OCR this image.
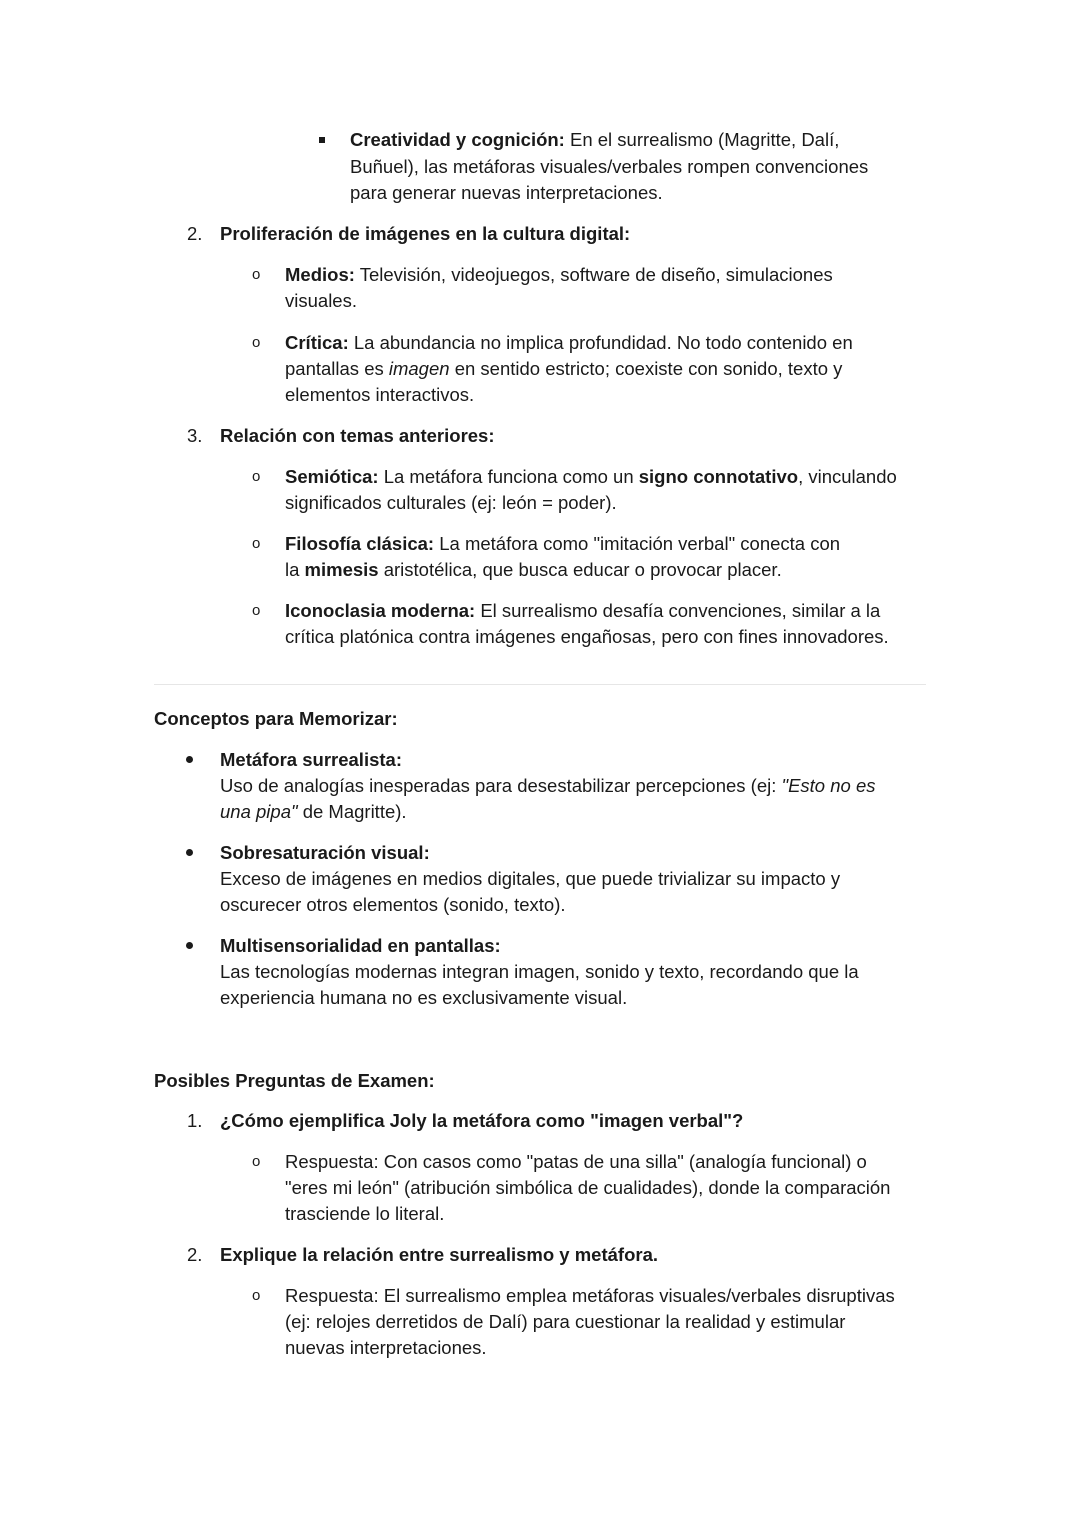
Creatividad y cognición: En el surrealismo (Magritte, Dalí,
Buñuel), las metáforas visuales/verbales rompen convenciones
para generar nuevas interpretaciones.
2. Proliferación de imágenes en la cultura digital:
o Medios: Televisión, videojuegos, software de diseño, simulaciones
visuales.
o Crítica: La abundancia no implica profundidad. No todo contenido en
pantallas es imagen en sentido estricto; coexiste con sonido, texto y
elementos interactivos.
3. Relación con temas anteriores:
o Semiótica: La metáfora funciona como un signo connotativo, vinculando
significados culturales (ej: león = poder).
o Filosofía clásica: La metáfora como "imitación verbal" conecta con
la mimesis aristotélica, que busca educar o provocar placer.
o Iconoclasia moderna: El surrealismo desafía convenciones, similar a la
crítica platónica contra imágenes engañosas, pero con fines innovadores.
Conceptos para Memorizar:
Metáfora surrealista:
Uso de analogías inesperadas para desestabilizar percepciones (ej: "Esto no es
una pipa" de Magritte).
Sobresaturación visual:
Exceso de imágenes en medios digitales, que puede trivializar su impacto y
oscurecer otros elementos (sonido, texto).
Multisensorialidad en pantallas:
Las tecnologías modernas integran imagen, sonido y texto, recordando que la
experiencia humana no es exclusivamente visual.
Posibles Preguntas de Examen:
1. ¿Cómo ejemplifica Joly la metáfora como "imagen verbal"?
o Respuesta: Con casos como "patas de una silla" (analogía funcional) o
"eres mi león" (atribución simbólica de cualidades), donde la comparación
trasciende lo literal.
2. Explique la relación entre surrealismo y metáfora.
o Respuesta: El surrealismo emplea metáforas visuales/verbales disruptivas
(ej: relojes derretidos de Dalí) para cuestionar la realidad y estimular
nuevas interpretaciones.
